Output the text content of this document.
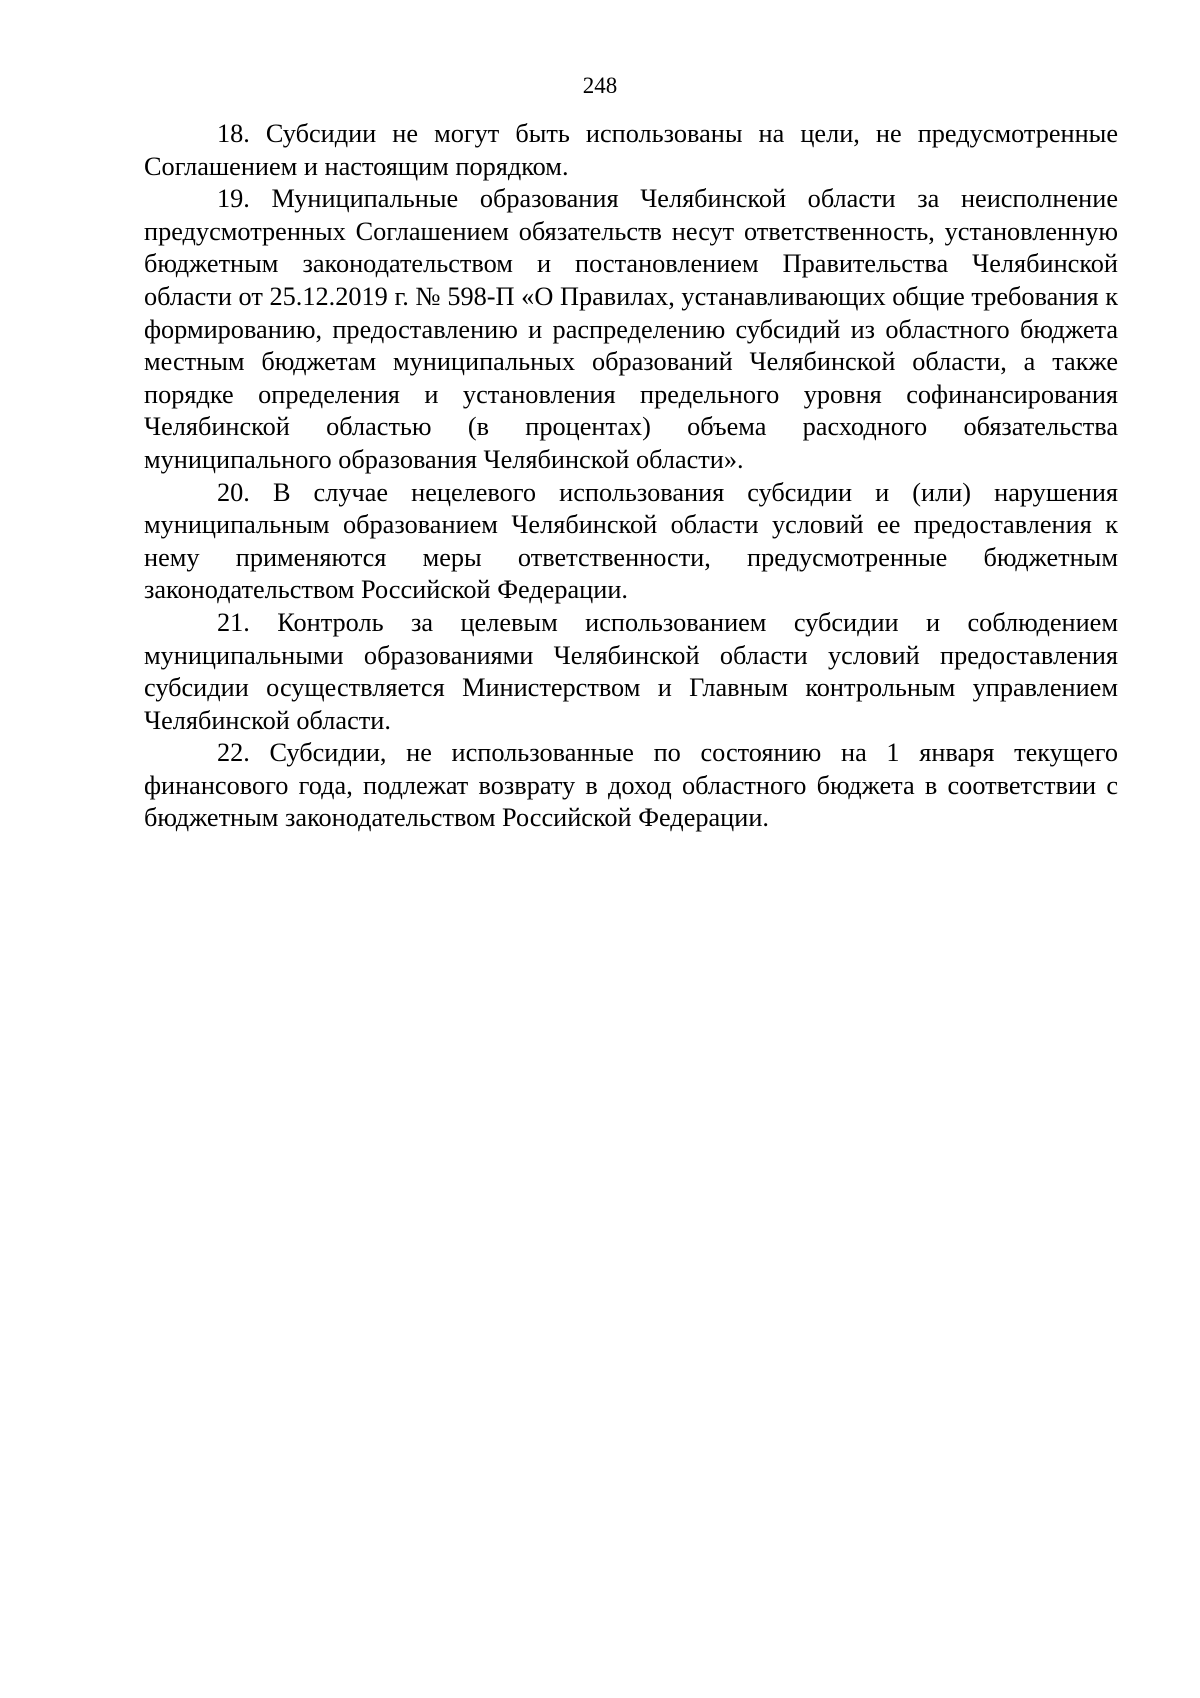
248

18. Субсидии не могут быть использованы на цели, не предусмотренные Соглашением и настоящим порядком.

19. Муниципальные образования Челябинской области за неисполнение предусмотренных Соглашением обязательств несут ответственность, установленную бюджетным законодательством и постановлением Правительства Челябинской области от 25.12.2019 г. № 598-П «О Правилах, устанавливающих общие требования к формированию, предоставлению и распределению субсидий из областного бюджета местным бюджетам муниципальных образований Челябинской области, а также порядке определения и установления предельного уровня софинансирования Челябинской областью (в процентах) объема расходного обязательства муниципального образования Челябинской области».

20. В случае нецелевого использования субсидии и (или) нарушения муниципальным образованием Челябинской области условий ее предоставления к нему применяются меры ответственности, предусмотренные бюджетным законодательством Российской Федерации.

21. Контроль за целевым использованием субсидии и соблюдением муниципальными образованиями Челябинской области условий предоставления субсидии осуществляется Министерством и Главным контрольным управлением Челябинской области.

22. Субсидии, не использованные по состоянию на 1 января текущего финансового года, подлежат возврату в доход областного бюджета в соответствии с бюджетным законодательством Российской Федерации.
